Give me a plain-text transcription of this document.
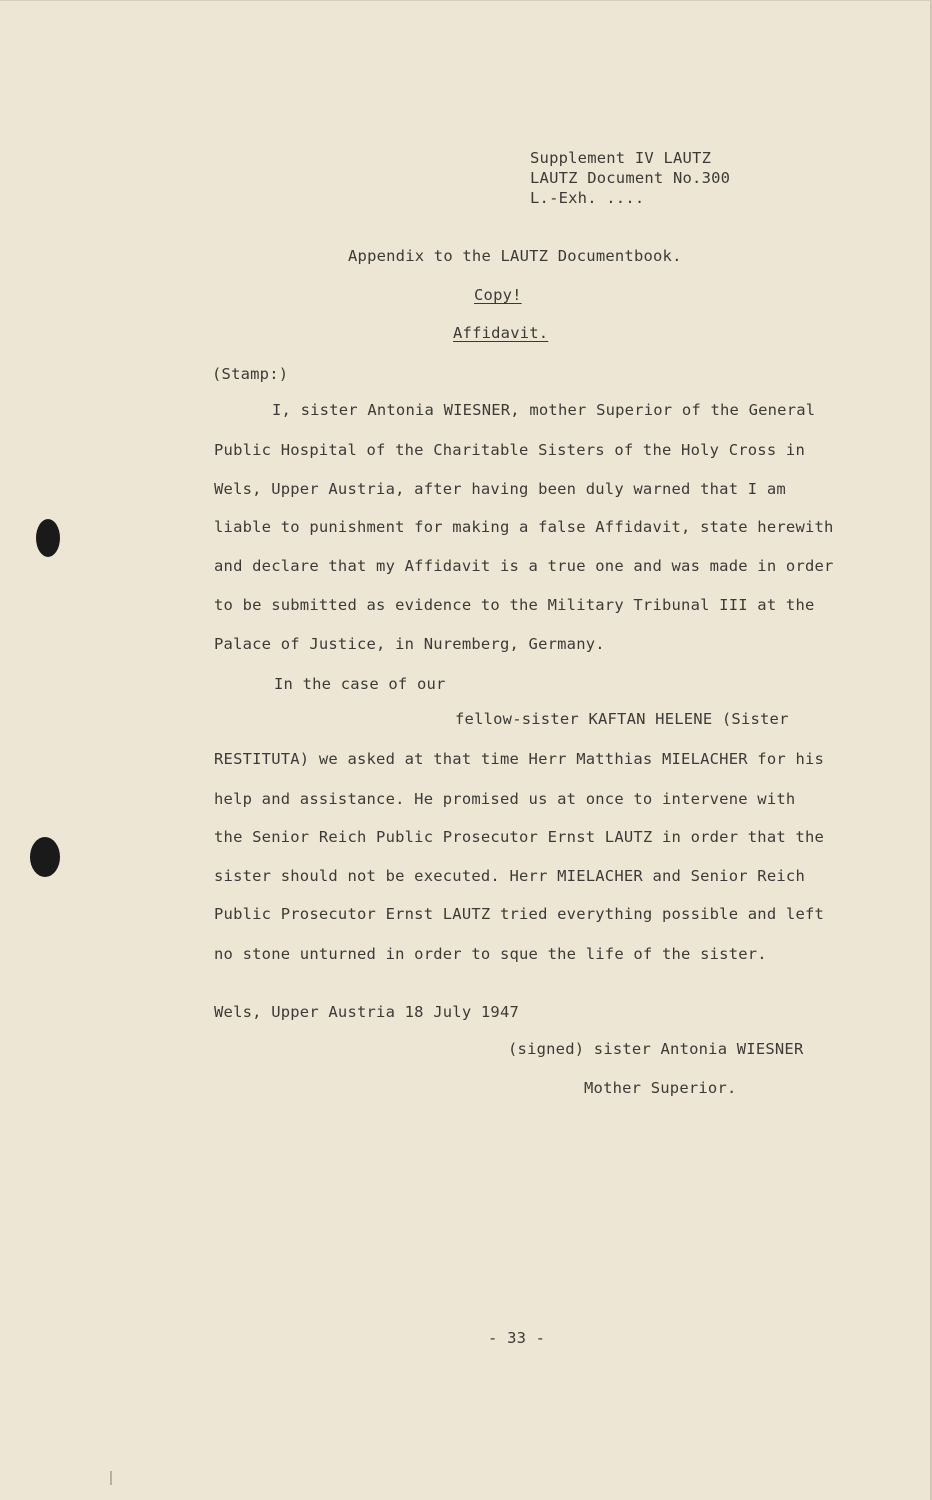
Supplement IV LAUTZ
LAUTZ Document No.300
L.-Exh. ....
Appendix to the LAUTZ Documentbook.
Copy!
Affidavit.
(Stamp:)
I, sister Antonia WIESNER, mother Superior of the General
Public Hospital of the Charitable Sisters of the Holy Cross in
Wels, Upper Austria, after having been duly warned that I am
liable to punishment for making a false Affidavit, state herewith
and declare that my Affidavit is a true one and was made in order
to be submitted as evidence to the Military Tribunal III at the
Palace of Justice, in Nuremberg, Germany.
In the case of our
fellow-sister KAFTAN HELENE (Sister
RESTITUTA) we asked at that time Herr Matthias MIELACHER for his
help and assistance. He promised us at once to intervene with
the Senior Reich Public Prosecutor Ernst LAUTZ in order that the
sister should not be executed. Herr MIELACHER and Senior Reich
Public Prosecutor Ernst LAUTZ tried everything possible and left
no stone unturned in order to sque the life of the sister.
Wels, Upper Austria 18 July 1947
(signed) sister Antonia WIESNER
Mother Superior.
- 33 -
